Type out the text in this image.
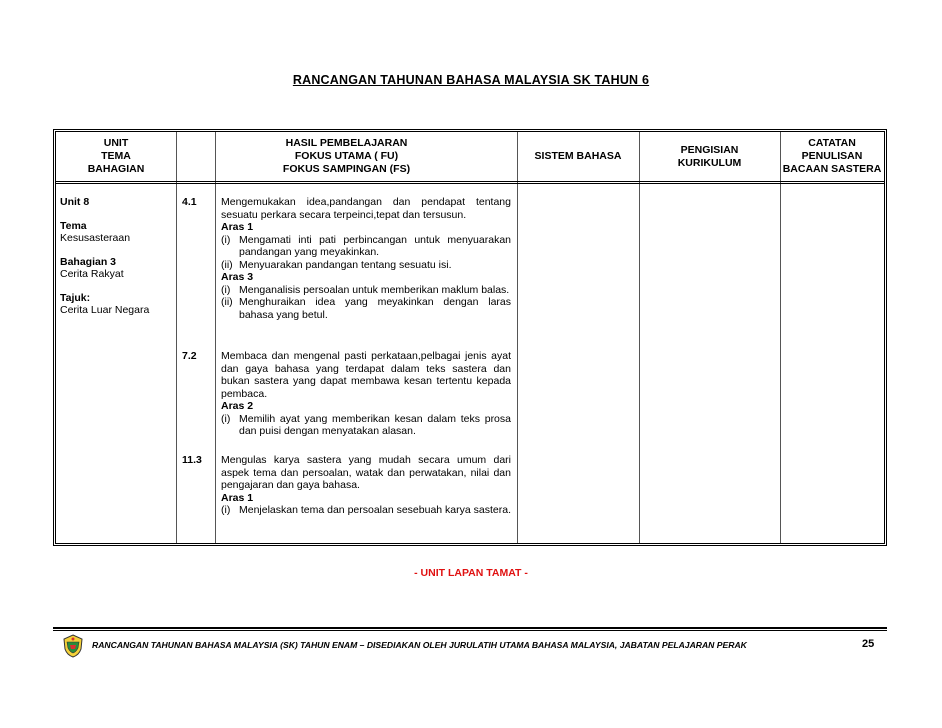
RANCANGAN TAHUNAN BAHASA MALAYSIA SK TAHUN 6
UNIT
TEMA
BAHAGIAN
HASIL PEMBELAJARAN
FOKUS UTAMA ( FU)
FOKUS SAMPINGAN (FS)
SISTEM BAHASA
PENGISIAN
KURIKULUM
CATATAN
PENULISAN
BACAAN SASTERA
Unit 8
Tema
Kesusasteraan
Bahagian 3
Cerita Rakyat
Tajuk:
Cerita Luar Negara
4.1 Mengemukakan idea,pandangan dan pendapat tentang sesuatu perkara secara terpeinci,tepat dan tersusun.
Aras 1
(i) Mengamati inti pati perbincangan untuk menyuarakan pandangan yang meyakinkan.
(ii) Menyuarakan pandangan tentang sesuatu isi.
Aras 3
(i) Menganalisis persoalan untuk memberikan maklum balas.
(ii) Menghuraikan idea yang meyakinkan dengan laras bahasa yang betul.
7.2 Membaca dan mengenal pasti perkataan,pelbagai jenis ayat dan gaya bahasa yang terdapat dalam teks sastera dan bukan sastera yang dapat membawa kesan tertentu kepada pembaca.
Aras 2
(i) Memilih ayat yang memberikan kesan dalam teks prosa dan puisi dengan menyatakan alasan.
11.3 Mengulas karya sastera yang mudah secara umum dari aspek tema dan persoalan, watak dan perwatakan, nilai dan pengajaran dan gaya bahasa.
Aras 1
(i) Menjelaskan tema dan persoalan sesebuah karya sastera.
- UNIT LAPAN TAMAT -
RANCANGAN TAHUNAN BAHASA MALAYSIA (SK) TAHUN ENAM – DISEDIAKAN OLEH JURULATIH UTAMA BAHASA MALAYSIA, JABATAN PELAJARAN PERAK	25
